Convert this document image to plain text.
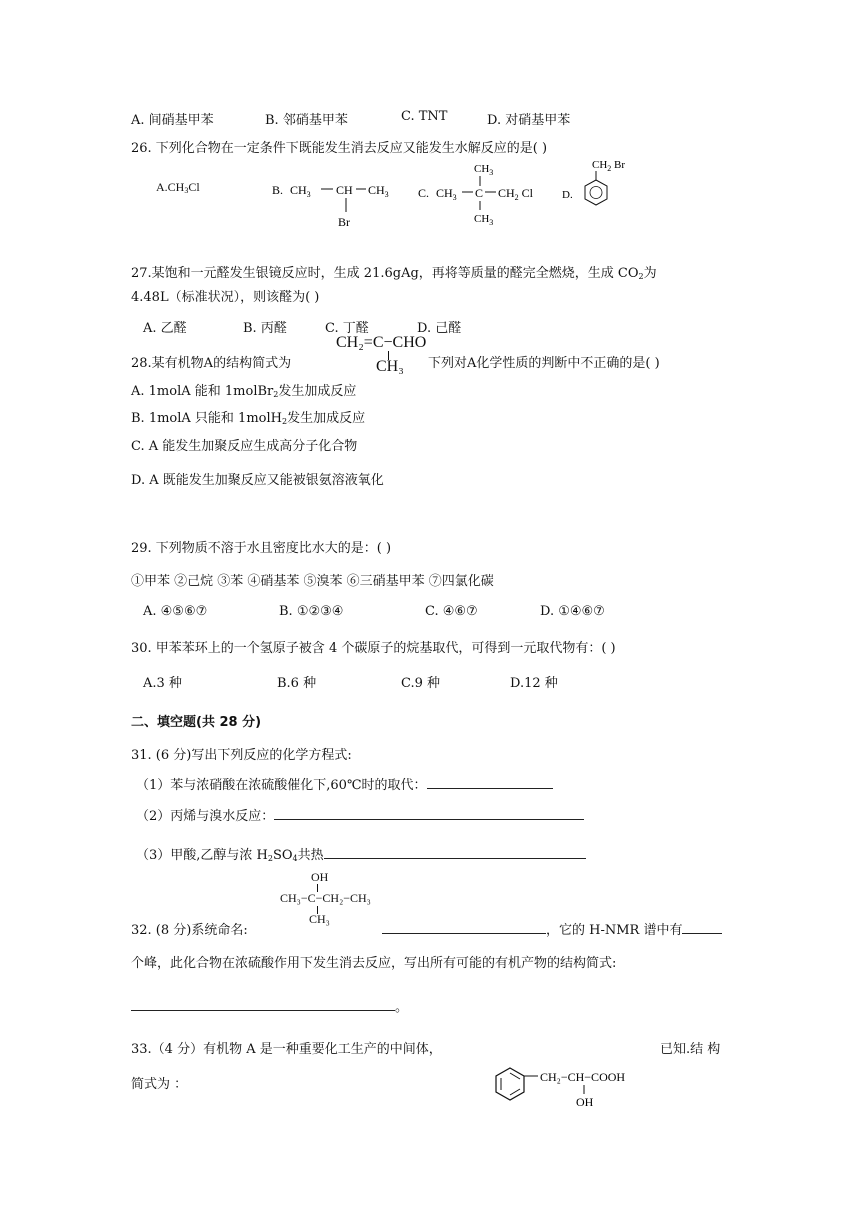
A. 间硝基甲苯	B. 邻硝基甲苯	C. TNT	D. 对硝基甲苯
26. 下列化合物在一定条件下既能发生消去反应又能发生水解反应的是( )
$A.CH_3Cl$	B. $CH_3$ CH $CH_3$
Br
C.
$CH_3$
$CH_3$ C $CH_2$ Cl
$CH_3$
D.
$CH_2$ Br
27.某饱和一元醛发生银镜反应时，生成 21.6gAg，再将等质量的醛完全燃烧，生成 $CO_2$为
4.48L（标准状况），则该醛为( )
A. 乙醛	B. 丙醛	C. 丁醛	D. 己醛
28.某有机物A的结构简式为
CH₂=C−CHO
CH₃ 下列对A化学性质的判断中不正确的是( )
A. 1molA 能和 1molBr$_2$发生加成反应
B. 1molA 只能和 1molH$_2$发生加成反应
C. A 能发生加聚反应生成高分子化合物
D. A 既能发生加聚反应又能被银氨溶液氧化
29. 下列物质不溶于水且密度比水大的是：( )
①甲苯 ②己烷 ③苯 ④硝基苯 ⑤溴苯 ⑥三硝基甲苯 ⑦四氯化碳
A. ④⑤⑥⑦	B. ①②③④	C. ④⑥⑦	D. ①④⑥⑦
30. 甲苯苯环上的一个氢原子被含 4 个碳原子的烷基取代，可得到一元取代物有：( )
A.3 种	B.6 种	C.9 种	D.12 种
二、填空题(共 28 分)
31. (6 分)写出下列反应的化学方程式:
（1）苯与浓硝酸在浓硫酸催化下,60℃时的取代：
（2）丙烯与溴水反应：
（3）甲酸,乙醇与浓 $H_2SO_4$共热
OH
CH₃−C−CH₂−CH₃
CH₃
32. (8 分)系统命名:	，它的 H-NMR 谱中有
个峰，此化合物在浓硫酸作用下发生消去反应，写出所有可能的有机产物的结构简式:
。
33.（4 分）有机物 A 是一种重要化工生产的中间体，	已知.结 构
简式为 ：	CH₂−CH−COOH
OH
